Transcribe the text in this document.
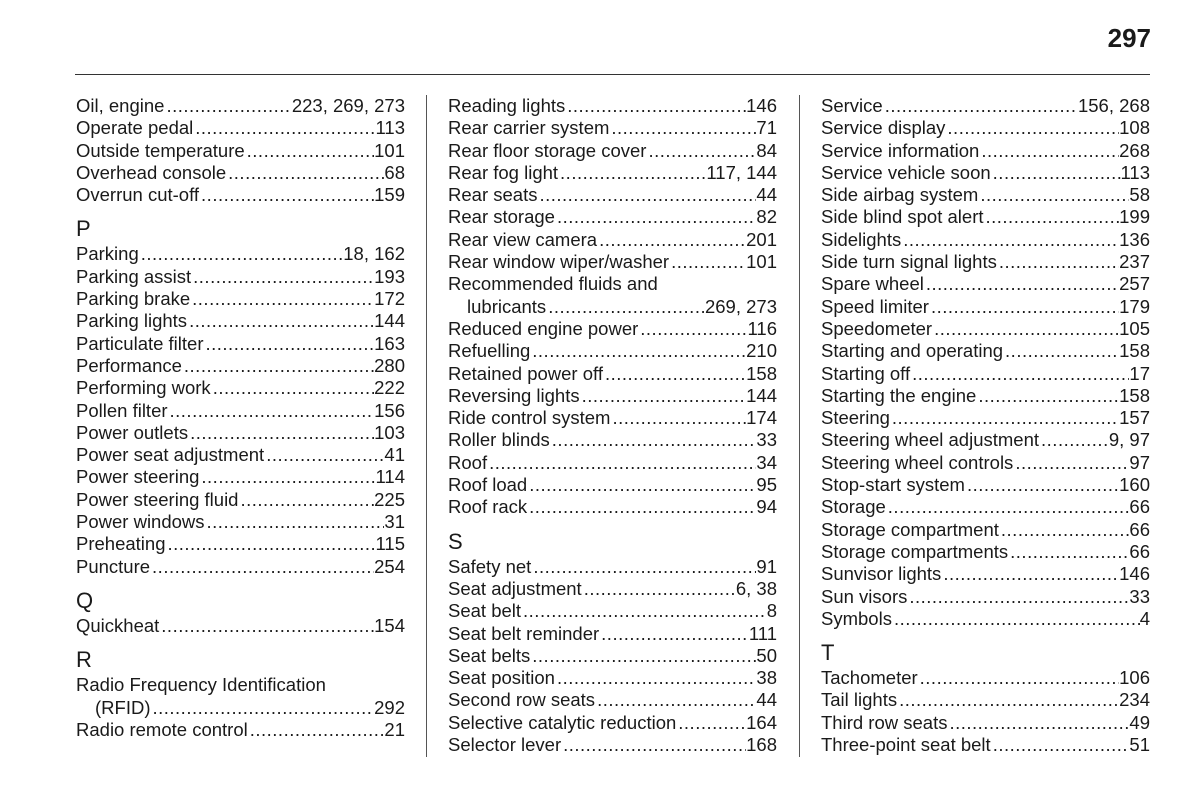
297
Oil, engine .....	223, 269, 273
Operate pedal .....	113
Outside temperature .....	101
Overhead console .....	68
Overrun cut-off .....	159
P
Parking .....	18, 162
Parking assist .....	193
Parking brake .....	172
Parking lights .....	144
Particulate filter .....	163
Performance .....	280
Performing work .....	222
Pollen filter .....	156
Power outlets .....	103
Power seat adjustment .....	41
Power steering .....	114
Power steering fluid .....	225
Power windows .....	31
Preheating .....	115
Puncture .....	254
Q
Quickheat .....	154
R
Radio Frequency Identification
(RFID) .....	292
Radio remote control .....	21
Reading lights .....	146
Rear carrier system .....	71
Rear floor storage cover .....	84
Rear fog light .....	117, 144
Rear seats .....	44
Rear storage .....	82
Rear view camera .....	201
Rear window wiper/washer .....	101
Recommended fluids and
lubricants .....	269, 273
Reduced engine power .....	116
Refuelling .....	210
Retained power off .....	158
Reversing lights .....	144
Ride control system .....	174
Roller blinds .....	33
Roof .....	34
Roof load .....	95
Roof rack .....	94
S
Safety net .....	91
Seat adjustment .....	6, 38
Seat belt .....	8
Seat belt reminder .....	111
Seat belts .....	50
Seat position .....	38
Second row seats .....	44
Selective catalytic reduction .....	164
Selector lever .....	168
Service .....	156, 268
Service display .....	108
Service information .....	268
Service vehicle soon .....	113
Side airbag system .....	58
Side blind spot alert .....	199
Sidelights .....	136
Side turn signal lights .....	237
Spare wheel .....	257
Speed limiter .....	179
Speedometer .....	105
Starting and operating .....	158
Starting off .....	17
Starting the engine .....	158
Steering .....	157
Steering wheel adjustment .....	9, 97
Steering wheel controls .....	97
Stop-start system .....	160
Storage .....	66
Storage compartment .....	66
Storage compartments .....	66
Sunvisor lights .....	146
Sun visors .....	33
Symbols .....	4
T
Tachometer .....	106
Tail lights .....	234
Third row seats .....	49
Three-point seat belt .....	51
